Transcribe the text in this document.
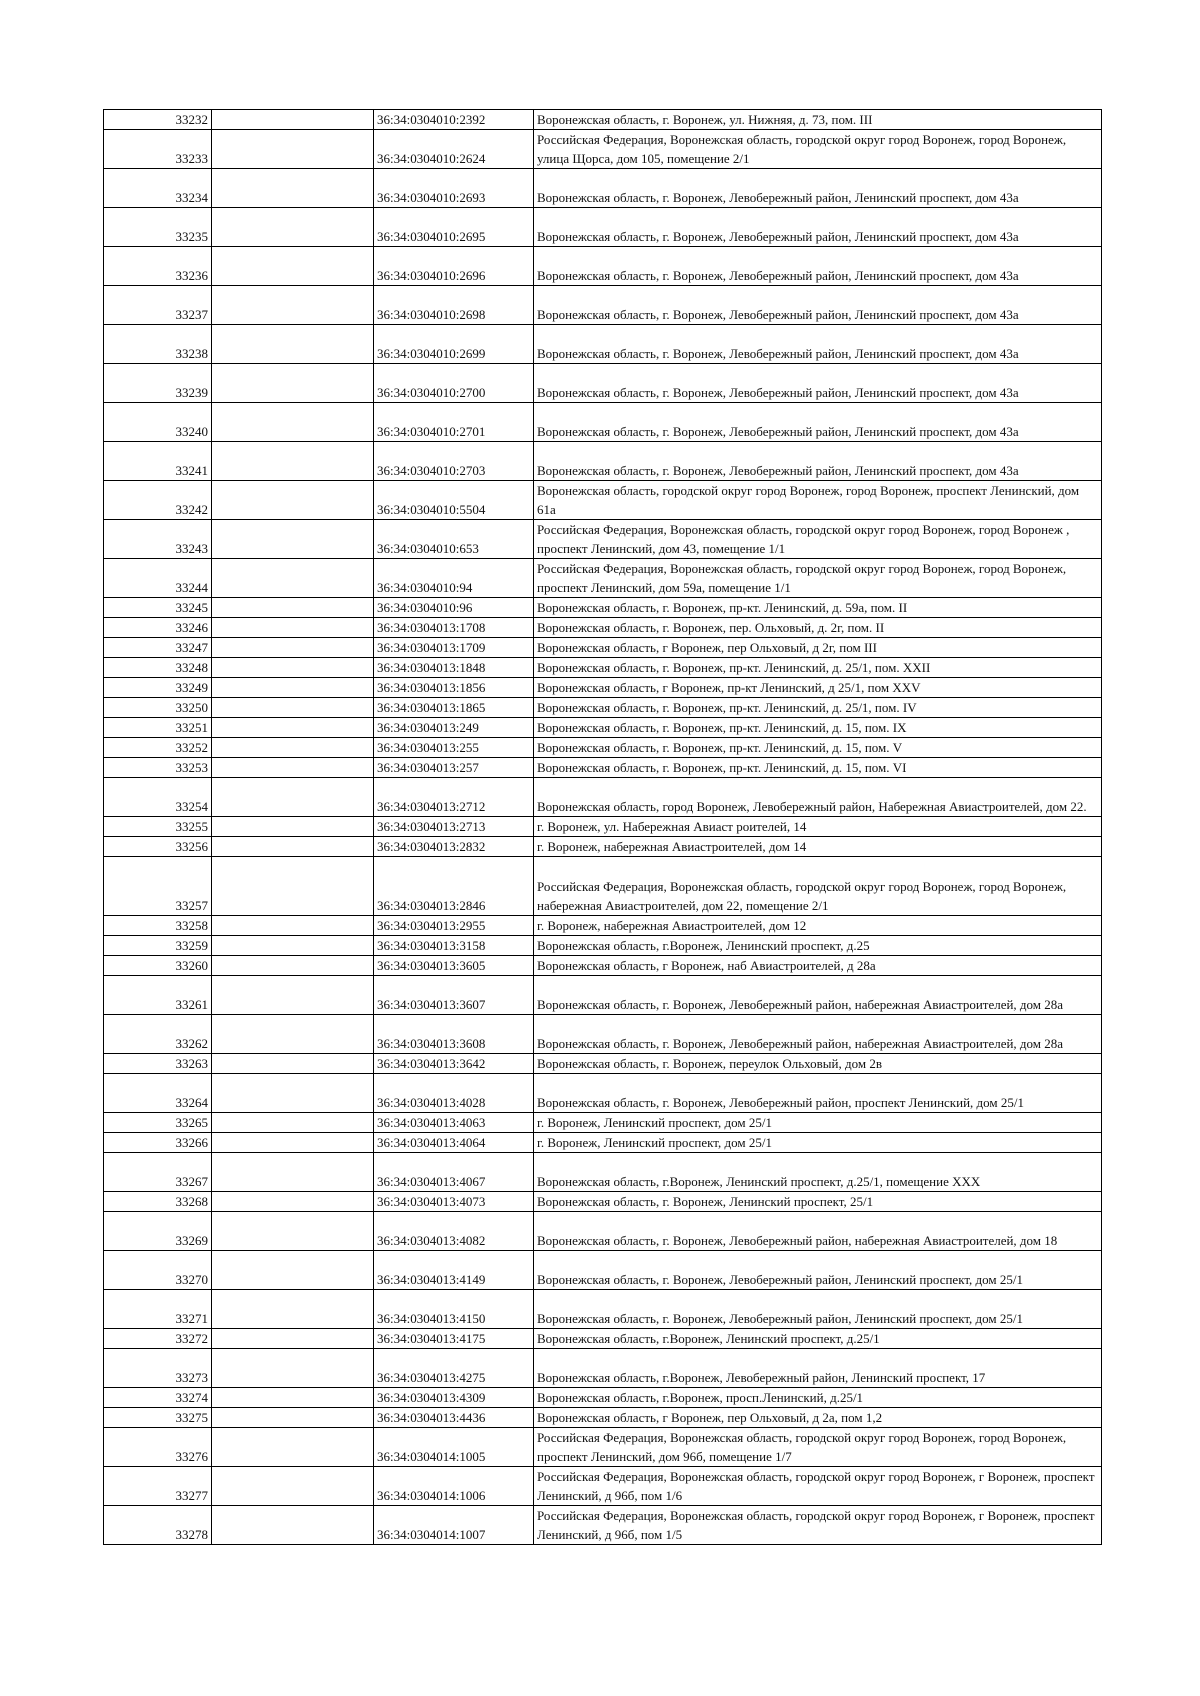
33232		36:34:0304010:2392	Воронежская область, г. Воронеж, ул. Нижняя, д. 73, пом. III
33233		36:34:0304010:2624	Российская Федерация, Воронежская область, городской округ город Воронеж, город Воронеж, улица Щорса, дом 105, помещение 2/1
33234		36:34:0304010:2693	Воронежская область, г. Воронеж, Левобережный район, Ленинский проспект, дом 43а
33235		36:34:0304010:2695	Воронежская область, г. Воронеж, Левобережный район, Ленинский проспект, дом 43а
33236		36:34:0304010:2696	Воронежская область, г. Воронеж, Левобережный район, Ленинский проспект, дом 43а
33237		36:34:0304010:2698	Воронежская область, г. Воронеж, Левобережный район, Ленинский проспект, дом 43а
33238		36:34:0304010:2699	Воронежская область, г. Воронеж, Левобережный район, Ленинский проспект, дом 43а
33239		36:34:0304010:2700	Воронежская область, г. Воронеж, Левобережный район, Ленинский проспект, дом 43а
33240		36:34:0304010:2701	Воронежская область, г. Воронеж, Левобережный район, Ленинский проспект, дом 43а
33241		36:34:0304010:2703	Воронежская область, г. Воронеж, Левобережный район, Ленинский проспект, дом 43а
33242		36:34:0304010:5504	Воронежская область, городской округ город Воронеж, город Воронеж, проспект Ленинский, дом 61а
33243		36:34:0304010:653	Российская Федерация, Воронежская область, городской округ город Воронеж, город Воронеж , проспект Ленинский, дом 43, помещение 1/1
33244		36:34:0304010:94	Российская Федерация, Воронежская область, городской округ город Воронеж, город Воронеж, проспект Ленинский, дом 59а, помещение 1/1
33245		36:34:0304010:96	Воронежская область, г. Воронеж, пр-кт. Ленинский, д. 59а, пом. II
33246		36:34:0304013:1708	Воронежская область, г. Воронеж, пер. Ольховый, д. 2г, пом. II
33247		36:34:0304013:1709	Воронежская область, г Воронеж, пер Ольховый, д 2г, пом III
33248		36:34:0304013:1848	Воронежская область, г. Воронеж, пр-кт. Ленинский, д. 25/1, пом. XXII
33249		36:34:0304013:1856	Воронежская область, г Воронеж, пр-кт Ленинский, д 25/1, пом XXV
33250		36:34:0304013:1865	Воронежская область, г. Воронеж, пр-кт. Ленинский, д. 25/1, пом. IV
33251		36:34:0304013:249	Воронежская область, г. Воронеж, пр-кт. Ленинский, д. 15, пом. IX
33252		36:34:0304013:255	Воронежская область, г. Воронеж, пр-кт. Ленинский, д. 15, пом. V
33253		36:34:0304013:257	Воронежская область, г. Воронеж, пр-кт. Ленинский, д. 15, пом. VI
33254		36:34:0304013:2712	Воронежская область, город Воронеж, Левобережный район, Набережная Авиастроителей, дом 22.
33255		36:34:0304013:2713	г. Воронеж, ул. Набережная Авиаст роителей, 14
33256		36:34:0304013:2832	г. Воронеж, набережная Авиастроителей, дом 14
33257		36:34:0304013:2846	Российская Федерация, Воронежская область, городской округ город Воронеж, город Воронеж, набережная Авиастроителей, дом 22, помещение 2/1
33258		36:34:0304013:2955	г. Воронеж, набережная Авиастроителей, дом 12
33259		36:34:0304013:3158	Воронежская область, г.Воронеж, Ленинский проспект, д.25
33260		36:34:0304013:3605	Воронежская область, г Воронеж, наб Авиастроителей, д 28а
33261		36:34:0304013:3607	Воронежская область, г. Воронеж, Левобережный район, набережная Авиастроителей, дом 28а
33262		36:34:0304013:3608	Воронежская область, г. Воронеж, Левобережный район, набережная Авиастроителей, дом 28а
33263		36:34:0304013:3642	Воронежская область, г. Воронеж, переулок Ольховый, дом 2в
33264		36:34:0304013:4028	Воронежская область, г. Воронеж, Левобережный район, проспект Ленинский, дом 25/1
33265		36:34:0304013:4063	г. Воронеж, Ленинский проспект, дом 25/1
33266		36:34:0304013:4064	г. Воронеж, Ленинский проспект, дом 25/1
33267		36:34:0304013:4067	Воронежская область, г.Воронеж, Ленинский проспект, д.25/1, помещение XXX
33268		36:34:0304013:4073	Воронежская область, г. Воронеж, Ленинский проспект, 25/1
33269		36:34:0304013:4082	Воронежская область, г. Воронеж, Левобережный район, набережная Авиастроителей, дом 18
33270		36:34:0304013:4149	Воронежская область, г. Воронеж, Левобережный район, Ленинский проспект, дом 25/1
33271		36:34:0304013:4150	Воронежская область, г. Воронеж, Левобережный район, Ленинский проспект, дом 25/1
33272		36:34:0304013:4175	Воронежская область, г.Воронеж, Ленинский проспект, д.25/1
33273		36:34:0304013:4275	Воронежская область, г.Воронеж, Левобережный район, Ленинский проспект, 17
33274		36:34:0304013:4309	Воронежская область, г.Воронеж, просп.Ленинский, д.25/1
33275		36:34:0304013:4436	Воронежская область, г Воронеж, пер Ольховый, д 2а, пом 1,2
33276		36:34:0304014:1005	Российская Федерация, Воронежская область, городской округ город Воронеж, город Воронеж, проспект Ленинский, дом 96б, помещение 1/7
33277		36:34:0304014:1006	Российская Федерация, Воронежская область, городской округ город Воронеж, г Воронеж, проспект Ленинский, д 96б, пом 1/6
33278		36:34:0304014:1007	Российская Федерация, Воронежская область, городской округ город Воронеж, г Воронеж, проспект Ленинский, д 96б, пом 1/5
